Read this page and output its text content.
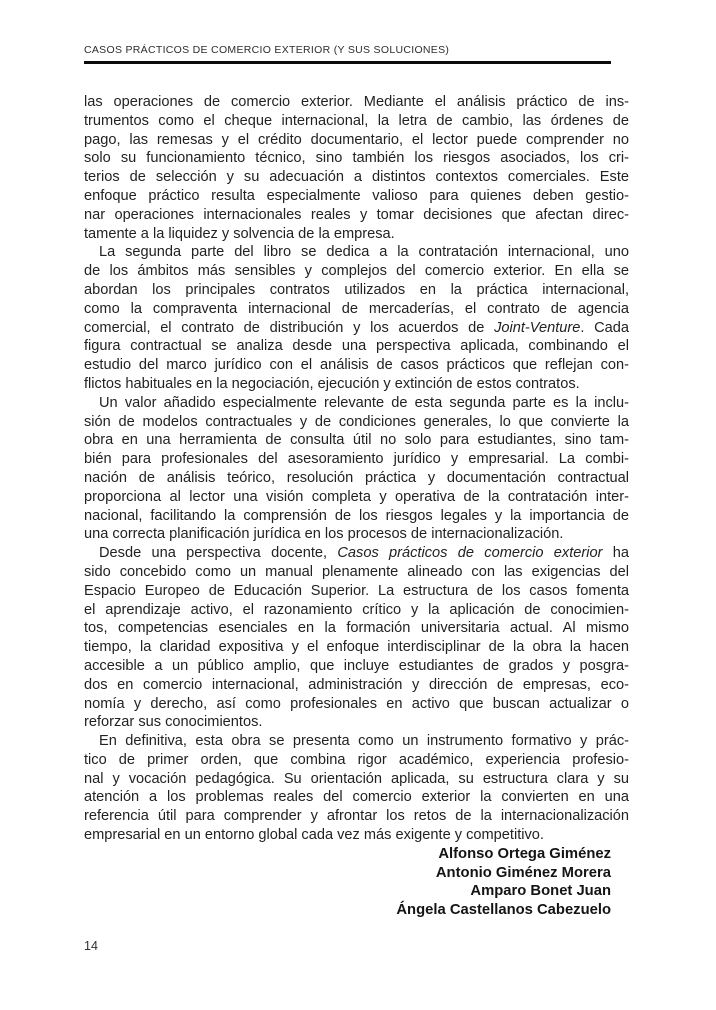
CASOS PRÁCTICOS DE COMERCIO EXTERIOR (Y SUS SOLUCIONES)
las operaciones de comercio exterior. Mediante el análisis práctico de ins-
trumentos como el cheque internacional, la letra de cambio, las órdenes de
pago, las remesas y el crédito documentario, el lector puede comprender no
solo su funcionamiento técnico, sino también los riesgos asociados, los cri-
terios de selección y su adecuación a distintos contextos comerciales. Este
enfoque práctico resulta especialmente valioso para quienes deben gestio-
nar operaciones internacionales reales y tomar decisiones que afectan direc-
tamente a la liquidez y solvencia de la empresa.
La segunda parte del libro se dedica a la contratación internacional, uno
de los ámbitos más sensibles y complejos del comercio exterior. En ella se
abordan los principales contratos utilizados en la práctica internacional,
como la compraventa internacional de mercaderías, el contrato de agencia
comercial, el contrato de distribución y los acuerdos de Joint-Venture. Cada
figura contractual se analiza desde una perspectiva aplicada, combinando el
estudio del marco jurídico con el análisis de casos prácticos que reflejan con-
flictos habituales en la negociación, ejecución y extinción de estos contratos.
Un valor añadido especialmente relevante de esta segunda parte es la inclu-
sión de modelos contractuales y de condiciones generales, lo que convierte la
obra en una herramienta de consulta útil no solo para estudiantes, sino tam-
bién para profesionales del asesoramiento jurídico y empresarial. La combi-
nación de análisis teórico, resolución práctica y documentación contractual
proporciona al lector una visión completa y operativa de la contratación inter-
nacional, facilitando la comprensión de los riesgos legales y la importancia de
una correcta planificación jurídica en los procesos de internacionalización.
Desde una perspectiva docente, Casos prácticos de comercio exterior ha
sido concebido como un manual plenamente alineado con las exigencias del
Espacio Europeo de Educación Superior. La estructura de los casos fomenta
el aprendizaje activo, el razonamiento crítico y la aplicación de conocimien-
tos, competencias esenciales en la formación universitaria actual. Al mismo
tiempo, la claridad expositiva y el enfoque interdisciplinar de la obra la hacen
accesible a un público amplio, que incluye estudiantes de grados y posgra-
dos en comercio internacional, administración y dirección de empresas, eco-
nomía y derecho, así como profesionales en activo que buscan actualizar o
reforzar sus conocimientos.
En definitiva, esta obra se presenta como un instrumento formativo y prác-
tico de primer orden, que combina rigor académico, experiencia profesio-
nal y vocación pedagógica. Su orientación aplicada, su estructura clara y su
atención a los problemas reales del comercio exterior la convierten en una
referencia útil para comprender y afrontar los retos de la internacionalización
empresarial en un entorno global cada vez más exigente y competitivo.
Alfonso Ortega Giménez
Antonio Giménez Morera
Amparo Bonet Juan
Ángela Castellanos Cabezuelo
14
